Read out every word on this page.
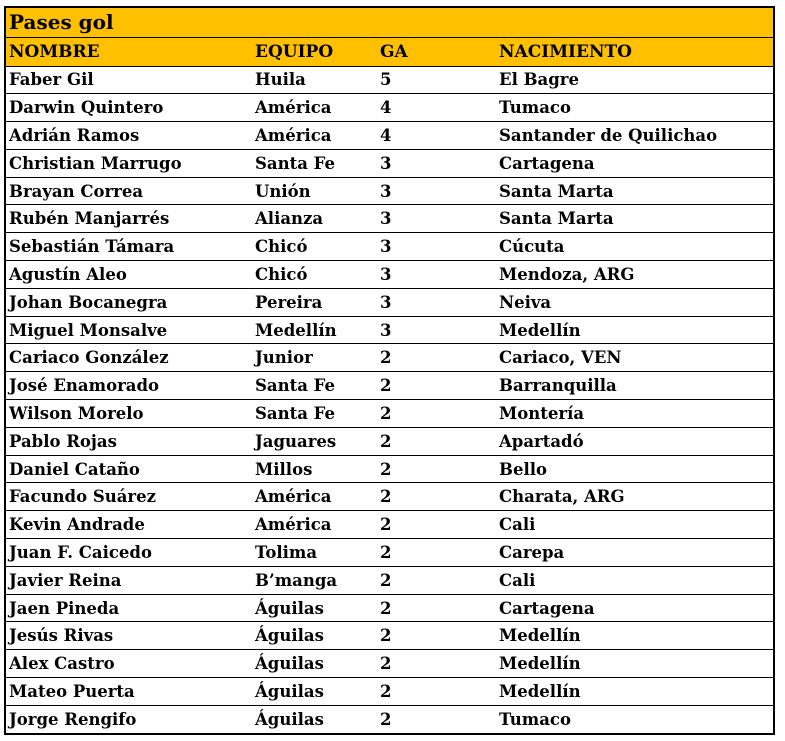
Pases gol
NOMBRE	EQUIPO	GA	NACIMIENTO
Faber Gil	Huila	5	El Bagre
Darwin Quintero	América	4	Tumaco
Adrián Ramos	América	4	Santander de Quilichao
Christian Marrugo	Santa Fe	3	Cartagena
Brayan Correa	Unión	3	Santa Marta
Rubén Manjarrés	Alianza	3	Santa Marta
Sebastián Támara	Chicó	3	Cúcuta
Agustín Aleo	Chicó	3	Mendoza, ARG
Johan Bocanegra	Pereira	3	Neiva
Miguel Monsalve	Medellín	3	Medellín
Cariaco González	Junior	2	Cariaco, VEN
José Enamorado	Santa Fe	2	Barranquilla
Wilson Morelo	Santa Fe	2	Montería
Pablo Rojas	Jaguares	2	Apartadó
Daniel Cataño	Millos	2	Bello
Facundo Suárez	América	2	Charata, ARG
Kevin Andrade	América	2	Cali
Juan F. Caicedo	Tolima	2	Carepa
Javier Reina	B’manga	2	Cali
Jaen Pineda	Águilas	2	Cartagena
Jesús Rivas	Águilas	2	Medellín
Alex Castro	Águilas	2	Medellín
Mateo Puerta	Águilas	2	Medellín
Jorge Rengifo	Águilas	2	Tumaco
